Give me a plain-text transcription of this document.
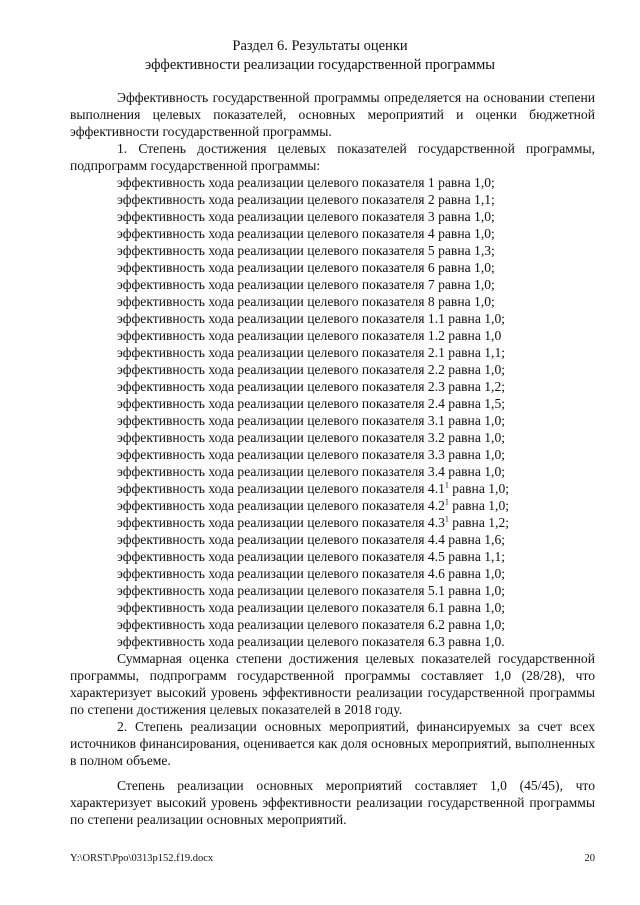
Раздел 6. Результаты оценки
эффективности реализации государственной программы

Эффективность государственной программы определяется на основании степени выполнения целевых показателей, основных мероприятий и оценки бюджетной эффективности государственной программы.

1. Степень достижения целевых показателей государственной программы, подпрограмм государственной программы:

эффективность хода реализации целевого показателя 1 равна 1,0;
эффективность хода реализации целевого показателя 2 равна 1,1;
эффективность хода реализации целевого показателя 3 равна 1,0;
эффективность хода реализации целевого показателя 4 равна 1,0;
эффективность хода реализации целевого показателя 5 равна 1,3;
эффективность хода реализации целевого показателя 6 равна 1,0;
эффективность хода реализации целевого показателя 7 равна 1,0;
эффективность хода реализации целевого показателя 8 равна 1,0;
эффективность хода реализации целевого показателя 1.1 равна 1,0;
эффективность хода реализации целевого показателя 1.2 равна 1,0
эффективность хода реализации целевого показателя 2.1 равна 1,1;
эффективность хода реализации целевого показателя 2.2 равна 1,0;
эффективность хода реализации целевого показателя 2.3 равна 1,2;
эффективность хода реализации целевого показателя 2.4 равна 1,5;
эффективность хода реализации целевого показателя 3.1 равна 1,0;
эффективность хода реализации целевого показателя 3.2 равна 1,0;
эффективность хода реализации целевого показателя 3.3 равна 1,0;
эффективность хода реализации целевого показателя 3.4 равна 1,0;
эффективность хода реализации целевого показателя $4.1^1$ равна 1,0;
эффективность хода реализации целевого показателя $4.2^1$ равна 1,0;
эффективность хода реализации целевого показателя $4.3^1$ равна 1,2;
эффективность хода реализации целевого показателя 4.4 равна 1,6;
эффективность хода реализации целевого показателя 4.5 равна 1,1;
эффективность хода реализации целевого показателя 4.6 равна 1,0;
эффективность хода реализации целевого показателя 5.1 равна 1,0;
эффективность хода реализации целевого показателя 6.1 равна 1,0;
эффективность хода реализации целевого показателя 6.2 равна 1,0;
эффективность хода реализации целевого показателя 6.3 равна 1,0.

Суммарная оценка степени достижения целевых показателей государственной программы, подпрограмм государственной программы составляет 1,0 (28/28), что характеризует высокий уровень эффективности реализации государственной программы по степени достижения целевых показателей в 2018 году.

2. Степень реализации основных мероприятий, финансируемых за счет всех источников финансирования, оценивается как доля основных мероприятий, выполненных в полном объеме.

Степень реализации основных мероприятий составляет 1,0 (45/45), что характеризует высокий уровень эффективности реализации государственной программы по степени реализации основных мероприятий.

Y:\ORST\Ppo\0313p152.f19.docx	20
